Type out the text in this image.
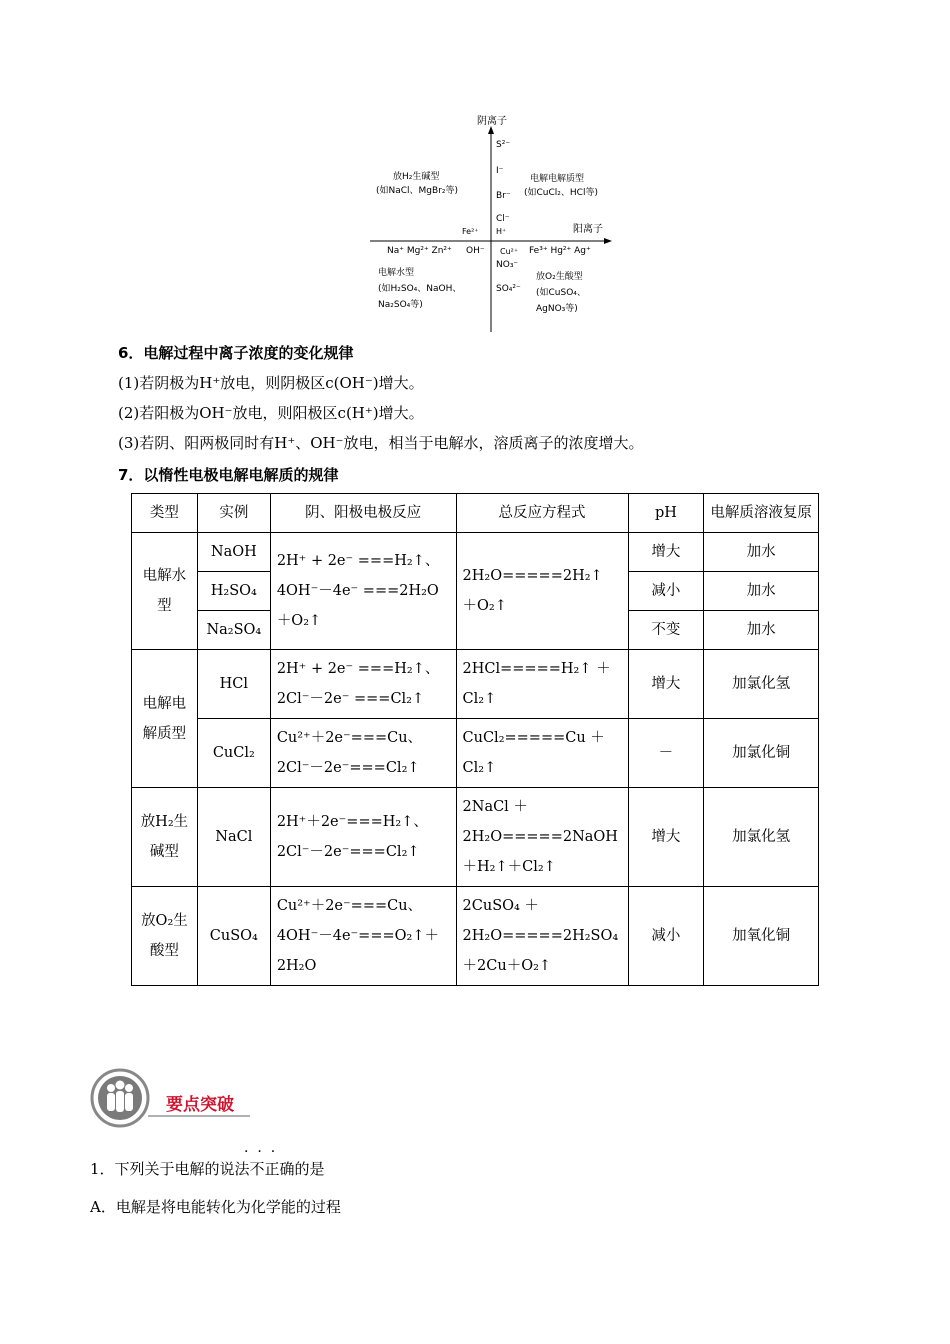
阴离子
阳离子
S²⁻
I⁻
Br⁻
Cl⁻
H⁺
Cu²⁺
NO₃⁻
SO₄²⁻
Fe²⁺
Na⁺ Mg²⁺ Zn²⁺ OH⁻	Fe³⁺ Hg²⁺ Ag⁺
放H₂生碱型
(如NaCl、MgBr₂等)
电解电解质型
(如CuCl₂、HCl等)
电解水型
(如H₂SO₄、NaOH、
Na₂SO₄等)
放O₂生酸型
(如CuSO₄、
AgNO₃等)
6．电解过程中离子浓度的变化规律
(1)若阴极为H⁺放电，则阴极区c(OH⁻)增大。
(2)若阳极为OH⁻放电，则阳极区c(H⁺)增大。
(3)若阴、阳两极同时有H⁺、OH⁻放电，相当于电解水，溶质离子的浓度增大。
7．以惰性电极电解电解质的规律
类型	实例	阴、阳极电极反应	总反应方程式	pH	电解质溶液复原
电解水型	NaOH	2H⁺ + 2e⁻ ===H₂↑、4OH⁻－4e⁻ ===2H₂O＋O₂↑	2H₂O=====2H₂↑ ＋O₂↑	增大	加水
	H₂SO₄			减小	加水
	Na₂SO₄			不变	加水
电解电解质型	HCl	2H⁺ + 2e⁻ ===H₂↑、2Cl⁻－2e⁻ ===Cl₂↑	2HCl=====H₂↑ ＋Cl₂↑	增大	加氯化氢
	CuCl₂	Cu²⁺＋2e⁻===Cu、2Cl⁻－2e⁻===Cl₂↑	CuCl₂=====Cu ＋Cl₂↑	－	加氯化铜
放H₂生碱型	NaCl	2H⁺＋2e⁻===H₂↑、2Cl⁻－2e⁻===Cl₂↑	2NaCl ＋2H₂O=====2NaOH＋H₂↑＋Cl₂↑	增大	加氯化氢
放O₂生酸型	CuSO₄	Cu²⁺＋2e⁻===Cu、4OH⁻－4e⁻===O₂↑＋2H₂O	2CuSO₄ ＋2H₂O=====2H₂SO₄＋2Cu＋O₂↑	减小	加氧化铜
要点突破
·  ·  ·
1．下列关于电解的说法不正确的是
A．电解是将电能转化为化学能的过程
